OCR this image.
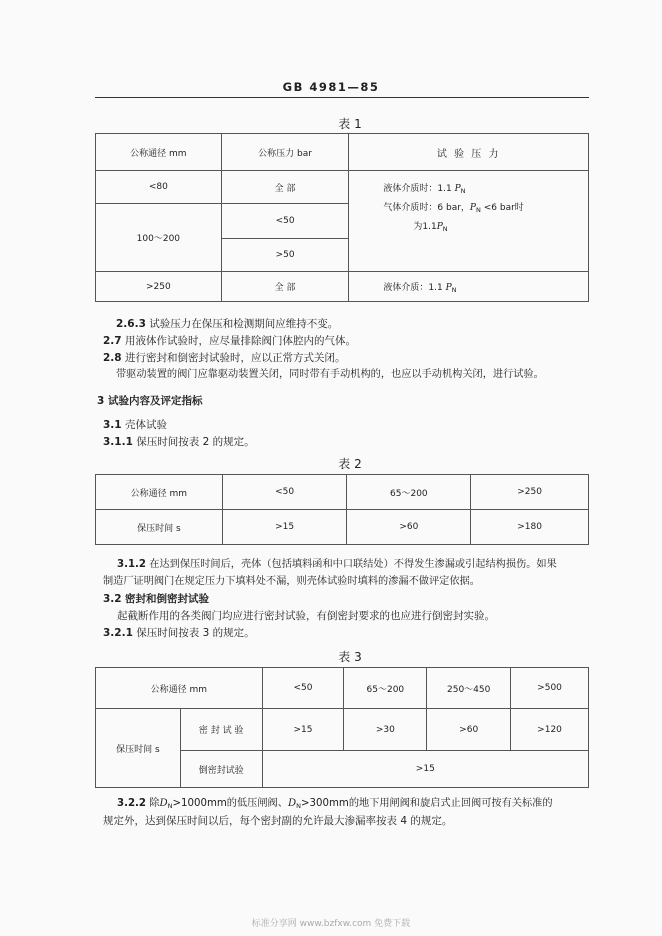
GB 4981—85
表 1
公称通径 mm	公称压力 bar	试 验 压 力
<80	全 部	液体介质时：1.1 $P_N$
气体介质时：6 bar，$P_N <6$ bar时
为$1.1P_N$

100～200	<50	
	>50	
>250	全 部	液体介质：1.1 $P_N$
2.6.3 试验压力在保压和检测期间应维持不变。
2.7 用液体作试验时，应尽量排除阀门体腔内的气体。
2.8 进行密封和倒密封试验时，应以正常方式关闭。
带驱动装置的阀门应靠驱动装置关闭，同时带有手动机构的，也应以手动机构关闭，进行试验。
3 试验内容及评定指标
3.1 壳体试验
3.1.1 保压时间按表 2 的规定。
表 2
公称通径 mm	<50	65～200	>250
保压时间 s	>15	>60	>180
3.1.2 在达到保压时间后，壳体（包括填料函和中口联结处）不得发生渗漏或引起结构损伤。如果
制造厂证明阀门在规定压力下填料处不漏，则壳体试验时填料的渗漏不做评定依据。
3.2 密封和倒密封试验
起截断作用的各类阀门均应进行密封试验，有倒密封要求的也应进行倒密封实验。
3.2.1 保压时间按表 3 的规定。
表 3
公称通径 mm		<50	65～200	250～450	>500
保压时间 s	密 封 试 验	>15	>30	>60	>120
	倒密封试验	>15			
3.2.2 除$D_N>1000mm$的低压闸阀、$D_N>300mm$的地下用闸阀和旋启式止回阀可按有关标准的
规定外，达到保压时间以后，每个密封副的允许最大渗漏率按表 4 的规定。
标准分享网 www.bzfxw.com 免费下载
